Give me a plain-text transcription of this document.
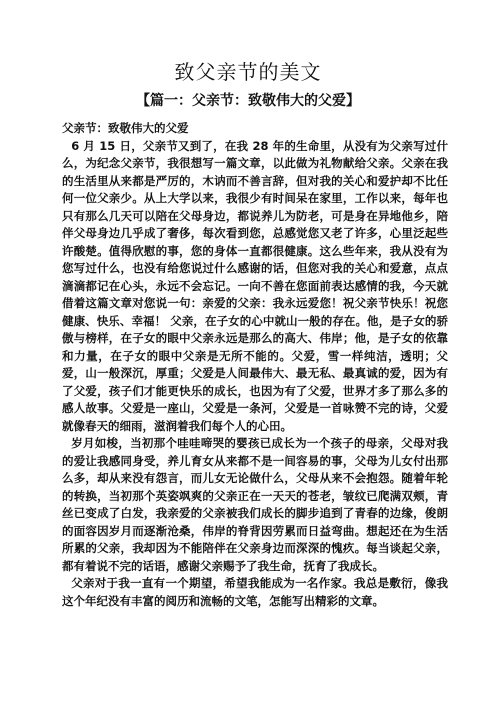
致父亲节的美文
【篇一：父亲节：致敬伟大的父爱】

父亲节：致敬伟大的父爱

6 月 15 日，父亲节又到了，在我 28 年的生命里，从没有为父亲写过什么，为纪念父亲节，我很想写一篇文章，以此做为礼物献给父亲。父亲在我的生活里从来都是严厉的，木讷而不善言辞，但对我的关心和爱护却不比任何一位父亲少。从上大学以来，我很少有时间呆在家里，工作以来，每年也只有那么几天可以陪在父母身边，都说养儿为防老，可是身在异地他乡，陪伴父母身边几乎成了奢侈，每次看到您，总感觉您又老了许多，心里泛起些许酸楚。值得欣慰的事，您的身体一直都很健康。这么些年来，我从没有为您写过什么，也没有给您说过什么感谢的话，但您对我的关心和爱意，点点滴滴都记在心头，永远不会忘记。一向不善在您面前表达感情的我，今天就借着这篇文章对您说一句：亲爱的父亲：我永远爱您！祝父亲节快乐！祝您健康、快乐、幸福！ 父亲，在子女的心中就山一般的存在。他，是子女的骄傲与榜样，在子女的眼中父亲永远是那么的高大、伟岸；他，是子女的依靠和力量，在子女的眼中父亲是无所不能的。父爱，雪一样纯洁，透明；父爱，山一般深沉，厚重；父爱是人间最伟大、最无私、最真诚的爱，因为有了父爱，孩子们才能更快乐的成长，也因为有了父爱，世界才多了那么多的感人故事。父爱是一座山，父爱是一条河，父爱是一首咏赞不完的诗，父爱就像春天的细雨，滋润着我们每个人的心田。

岁月如梭，当初那个哇哇啼哭的婴孩已成长为一个孩子的母亲，父母对我的爱让我感同身受，养儿育女从来都不是一间容易的事，父母为儿女付出那么多，却从来没有怨言，而儿女无论做什么，父母从来不会抱怨。随着年轮的转换，当初那个英姿飒爽的父亲正在一天天的苍老，皱纹已爬满双颊，青丝已变成了白发，我亲爱的父亲被我们成长的脚步追到了青春的边缘，俊朗的面容因岁月而逐渐沧桑，伟岸的脊背因劳累而日益弯曲。想起还在为生活所累的父亲，我却因为不能陪伴在父亲身边而深深的愧疚。每当谈起父亲，都有着说不完的话语，感谢父亲赐予了我生命，抚育了我成长。

父亲对于我一直有一个期望，希望我能成为一名作家。我总是敷衍，像我这个年纪没有丰富的阅历和流畅的文笔，怎能写出精彩的文章。
